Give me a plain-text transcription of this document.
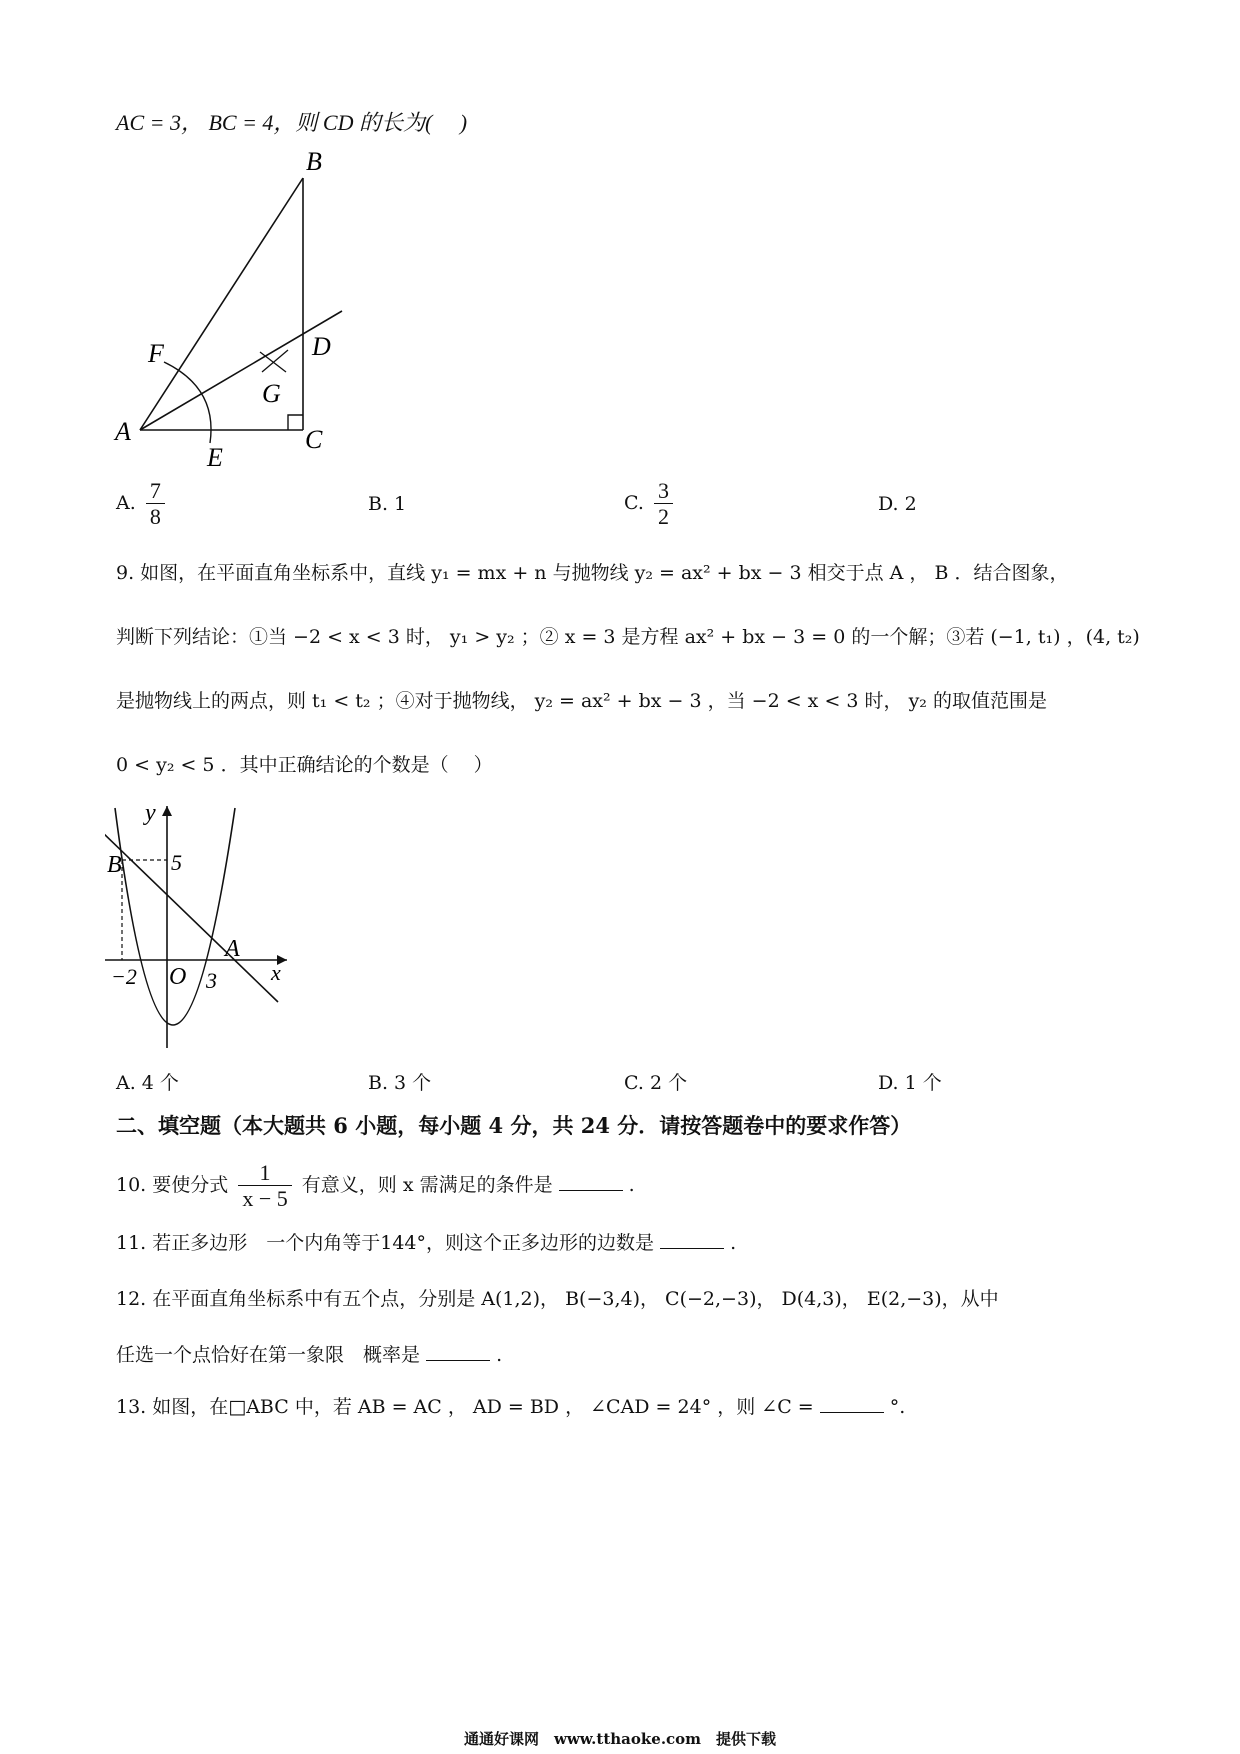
AC = 3， BC = 4，则 CD 的长为(　 )
B
D
F
G
A
E
C
A. $\frac{7}{8}$	B. 1	C. $\frac{3}{2}$	D. 2
9. 如图，在平面直角坐标系中，直线 y₁ = mx + n 与抛物线 y₂ = ax² + bx − 3 相交于点 A ， B ．结合图象，
判断下列结论：①当 −2 < x < 3 时， y₁ > y₂ ；② x = 3 是方程 ax² + bx − 3 = 0 的一个解；③若 (−1, t₁) ，(4, t₂)
是抛物线上的两点，则 t₁ < t₂ ；④对于抛物线， y₂ = ax² + bx − 3 ，当 −2 < x < 3 时， y₂ 的取值范围是
0 < y₂ < 5 ．其中正确结论的个数是（　 ）
y
B 5
A
−2 O 3 x
A. 4 个	B. 3 个	C. 2 个	D. 1 个
二、填空题（本大题共 6 小题，每小题 4 分，共 24 分．请按答题卷中的要求作答）
10. 要使分式 $\frac{1}{x - 5}$ 有意义，则 x 需满足的条件是	.
11. 若正多边形　一个内角等于144°，则这个正多边形的边数是	.
12. 在平面直角坐标系中有五个点，分别是 A(1,2)， B(−3,4)， C(−2,−3)， D(4,3)， E(2,−3)，从中
任选一个点恰好在第一象限　概率是	.
13. 如图，在□ABC 中，若 AB = AC ， AD = BD ， ∠CAD = 24° ，则 ∠C =	°.
通通好课网　www.tthaoke.com　提供下载
